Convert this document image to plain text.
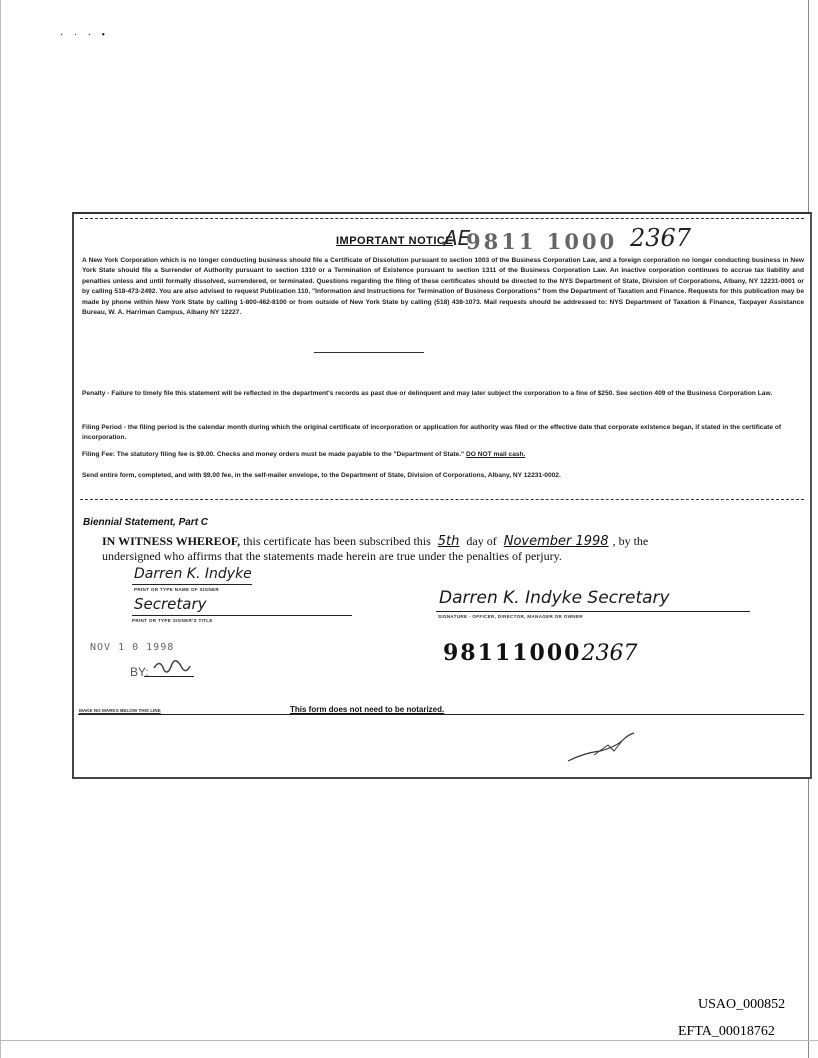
· · · •
IMPORTANT NOTICE
AE
9811 1000 2367
A New York Corporation which is no longer conducting business should file a Certificate of Dissolution pursuant to section 1003 of the Business Corporation Law, and a foreign corporation no longer conducting business in New York State should file a Surrender of Authority pursuant to section 1310 or a Termination of Existence pursuant to section 1311 of the Business Corporation Law. An inactive corporation continues to accrue tax liability and penalties unless and until formally dissolved, surrendered, or terminated. Questions regarding the filing of these certificates should be directed to the NYS Department of State, Division of Corporations, Albany, NY 12231-0001 or by calling 518-473-2492. You are also advised to request Publication 110, "Information and Instructions for Termination of Business Corporations" from the Department of Taxation and Finance. Requests for this publication may be made by phone within New York State by calling 1-800-462-8100 or from outside of New York State by calling (518) 438-1073. Mail requests should be addressed to: NYS Department of Taxation & Finance, Taxpayer Assistance Bureau, W. A. Harriman Campus, Albany NY 12227.
Penalty - Failure to timely file this statement will be reflected in the department's records as past due or delinquent and may later subject the corporation to a fine of $250. See section 409 of the Business Corporation Law.
Filing Period - the filing period is the calendar month during which the original certificate of incorporation or application for authority was filed or the effective date that corporate existence began, if stated in the certificate of incorporation.
Filing Fee: The statutory filing fee is $9.00. Checks and money orders must be made payable to the "Department of State." DO NOT mail cash.
Send entire form, completed, and with $9.00 fee, in the self-mailer envelope, to the Department of State, Division of Corporations, Albany, NY 12231-0002.
Biennial Statement, Part C
IN WITNESS WHEREOF, this certificate has been subscribed this 5th day of November 1998 , by the
undersigned who affirms that the statements made herein are true under the penalties of perjury.
Darren K. Indyke
PRINT OR TYPE NAME OF SIGNER
Secretary
PRINT OR TYPE SIGNER'S TITLE
Darren K. Indyke Secretary
SIGNATURE - OFFICER, DIRECTOR, MANAGER OR OWNER
NOV 1 0 1998
BY:
981110002367
MAKE NO MARKS BELOW THIS LINE	This form does not need to be notarized.
USAO_000852
EFTA_00018762
